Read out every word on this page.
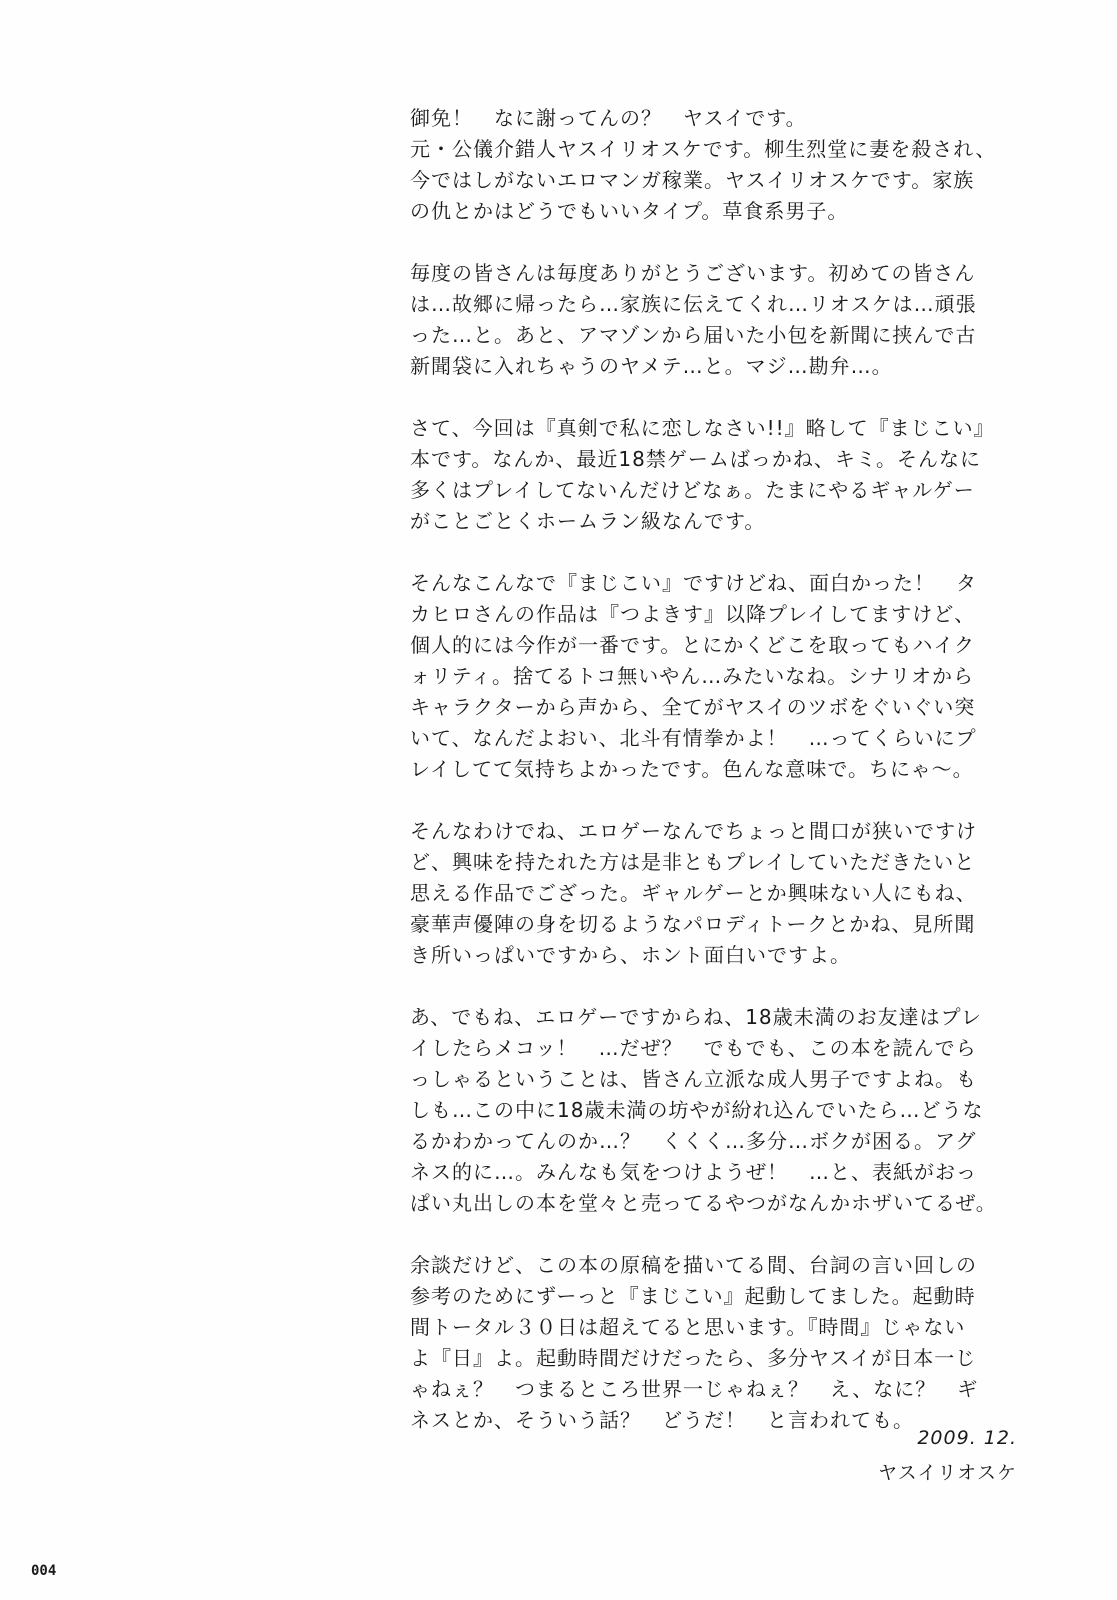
御免！　なに謝ってんの？　ヤスイです。
元・公儀介錯人ヤスイリオスケです。柳生烈堂に妻を殺され、
今ではしがないエロマンガ稼業。ヤスイリオスケです。家族
の仇とかはどうでもいいタイプ。草食系男子。
毎度の皆さんは毎度ありがとうございます。初めての皆さん
は…故郷に帰ったら…家族に伝えてくれ…リオスケは…頑張
った…と。あと、アマゾンから届いた小包を新聞に挟んで古
新聞袋に入れちゃうのヤメテ…と。マジ…勘弁…。
さて、今回は『真剣で私に恋しなさい!!』略して『まじこい』
本です。なんか、最近18禁ゲームばっかね、キミ。そんなに
多くはプレイしてないんだけどなぁ。たまにやるギャルゲー
がことごとくホームラン級なんです。
そんなこんなで『まじこい』ですけどね、面白かった！　タ
カヒロさんの作品は『つよきす』以降プレイしてますけど、
個人的には今作が一番です。とにかくどこを取ってもハイク
ォリティ。捨てるトコ無いやん…みたいなね。シナリオから
キャラクターから声から、全てがヤスイのツボをぐいぐい突
いて、なんだよおい、北斗有情拳かよ！　…ってくらいにプ
レイしてて気持ちよかったです。色んな意味で。ちにゃ〜。
そんなわけでね、エロゲーなんでちょっと間口が狭いですけ
ど、興味を持たれた方は是非ともプレイしていただきたいと
思える作品でござった。ギャルゲーとか興味ない人にもね、
豪華声優陣の身を切るようなパロディトークとかね、見所聞
き所いっぱいですから、ホント面白いですよ。
あ、でもね、エロゲーですからね、18歳未満のお友達はプレ
イしたらメコッ！　…だぜ？　でもでも、この本を読んでら
っしゃるということは、皆さん立派な成人男子ですよね。も
しも…この中に18歳未満の坊やが紛れ込んでいたら…どうな
るかわかってんのか…？　くくく…多分…ボクが困る。アグ
ネス的に…。みんなも気をつけようぜ！　…と、表紙がおっ
ぱい丸出しの本を堂々と売ってるやつがなんかホザいてるぜ。
余談だけど、この本の原稿を描いてる間、台詞の言い回しの
参考のためにずーっと『まじこい』起動してました。起動時
間トータル３０日は超えてると思います。『時間』じゃない
よ『日』よ。起動時間だけだったら、多分ヤスイが日本一じ
ゃねぇ？　つまるところ世界一じゃねぇ？　え、なに？　ギ
ネスとか、そういう話？　どうだ！　と言われても。
2009. 12.
ヤスイリオスケ
004
